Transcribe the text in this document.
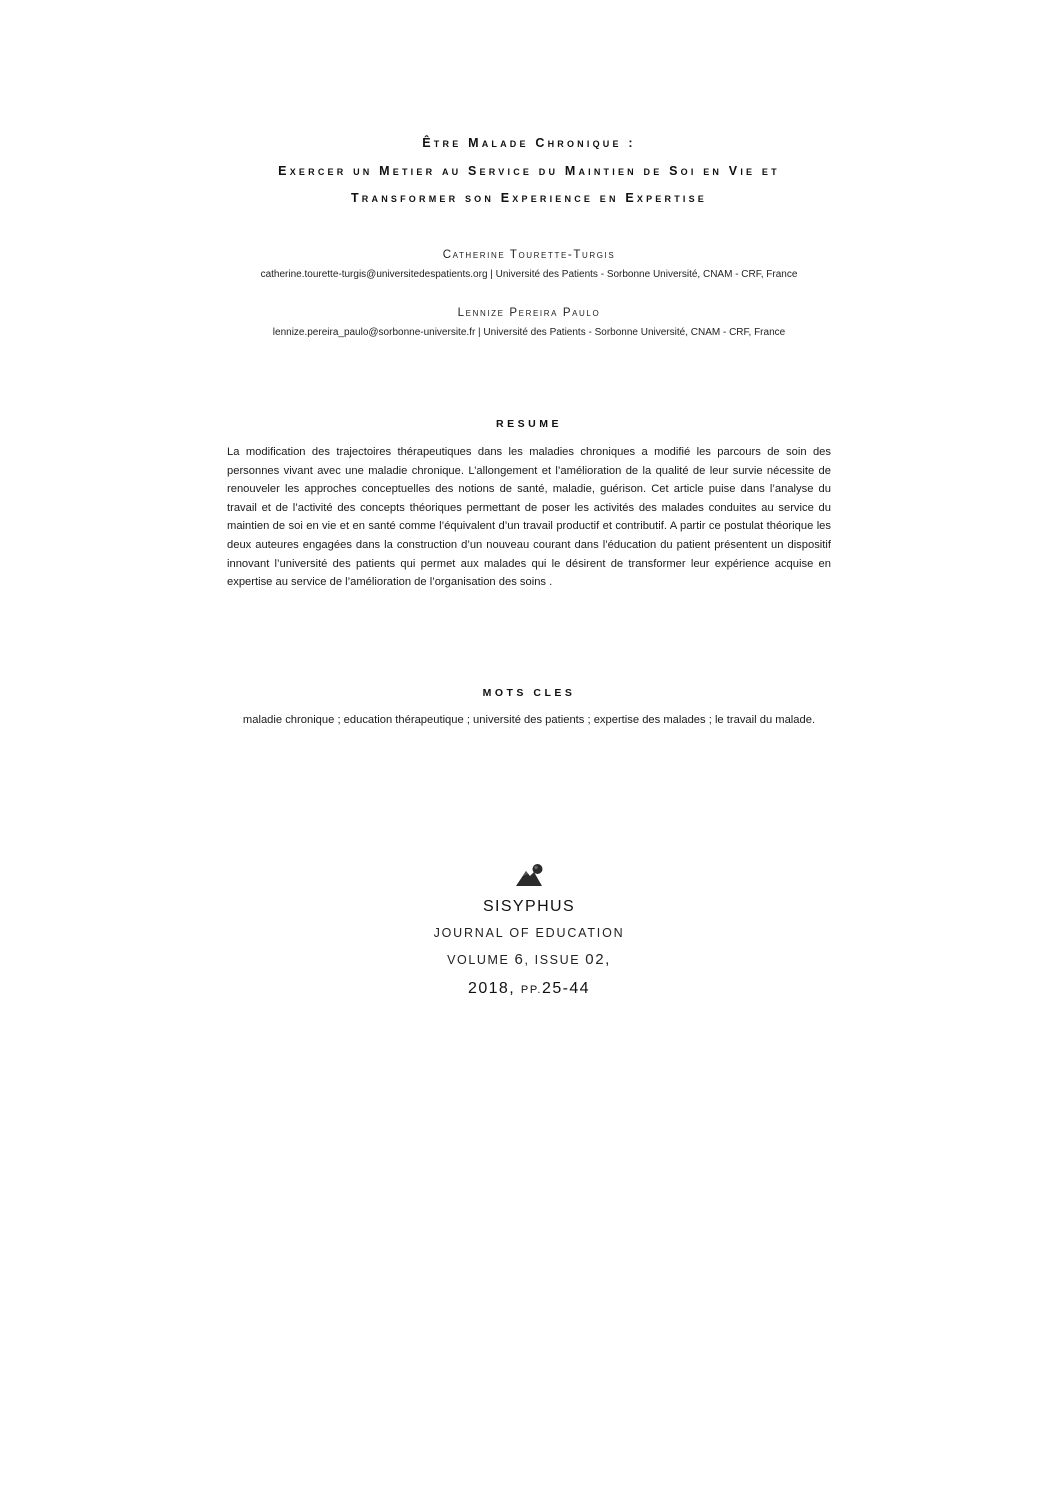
Être Malade Chronique :
Exercer un Metier au Service du Maintien de Soi en Vie et
Transformer son Experience en Expertise
Catherine Tourette-Turgis
catherine.tourette-turgis@universitedespatients.org | Université des Patients - Sorbonne Université, CNAM - CRF, France
Lennize Pereira Paulo
lennize.pereira_paulo@sorbonne-universite.fr | Université des Patients - Sorbonne Université, CNAM - CRF, France
RESUME
La modification des trajectoires thérapeutiques dans les maladies chroniques a modifié les parcours de soin des personnes vivant avec une maladie chronique. L’allongement et l’amélioration de la qualité de leur survie nécessite de renouveler les approches conceptuelles des notions de santé, maladie, guérison. Cet article puise dans l’analyse du travail et de l’activité des concepts théoriques permettant de poser les activités des malades conduites au service du maintien de soi en vie et en santé comme l’équivalent d’un travail productif et contributif. A partir ce postulat théorique les deux auteures engagées dans la construction d’un nouveau courant dans l’éducation du patient présentent un dispositif innovant l’université des patients qui permet aux malades qui le désirent de transformer leur expérience acquise en expertise au service de l’amélioration de l’organisation des soins .
MOTS CLES
maladie chronique ; education thérapeutique ; université des patients ; expertise des malades ; le travail du malade.
SISYPHUS
JOURNAL OF EDUCATION
VOLUME 6, ISSUE 02,
2018, PP.25-44
